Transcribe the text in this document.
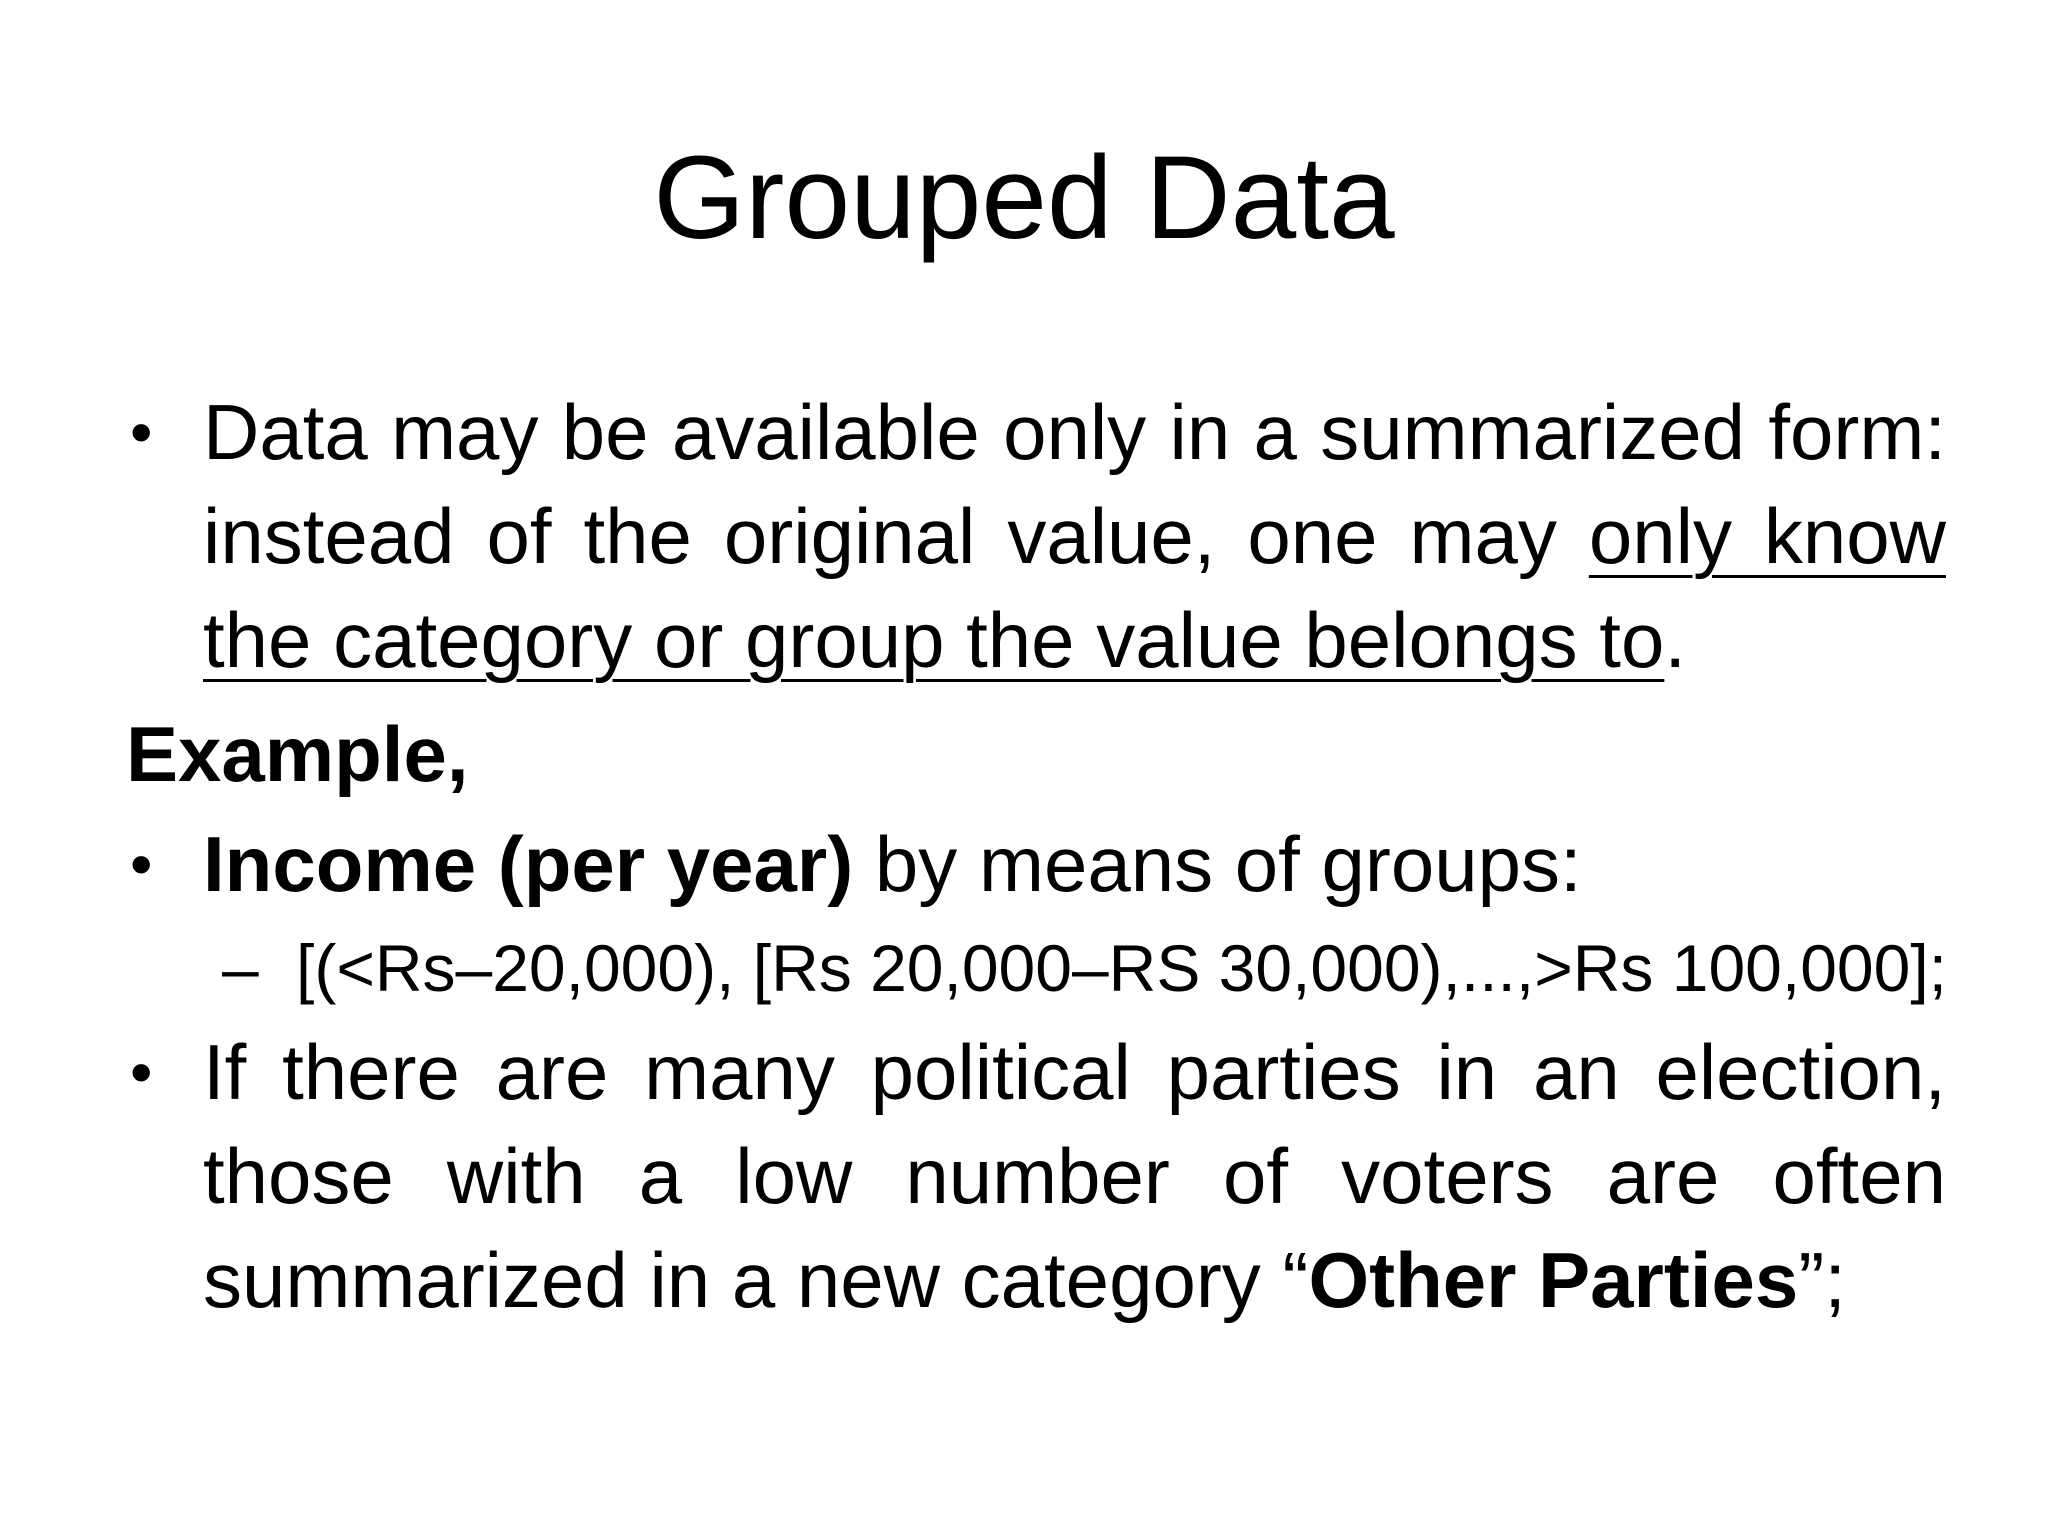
Grouped Data
• Data may be available only in a summarized form:
instead of the original value, one may only know
the category or group the value belongs to.
Example,
• Income (per year) by means of groups:
– [(<Rs–20,000), [Rs 20,000–RS 30,000),...,>Rs 100,000];
• If there are many political parties in an election,
those with a low number of voters are often
summarized in a new category “Other Parties”;
